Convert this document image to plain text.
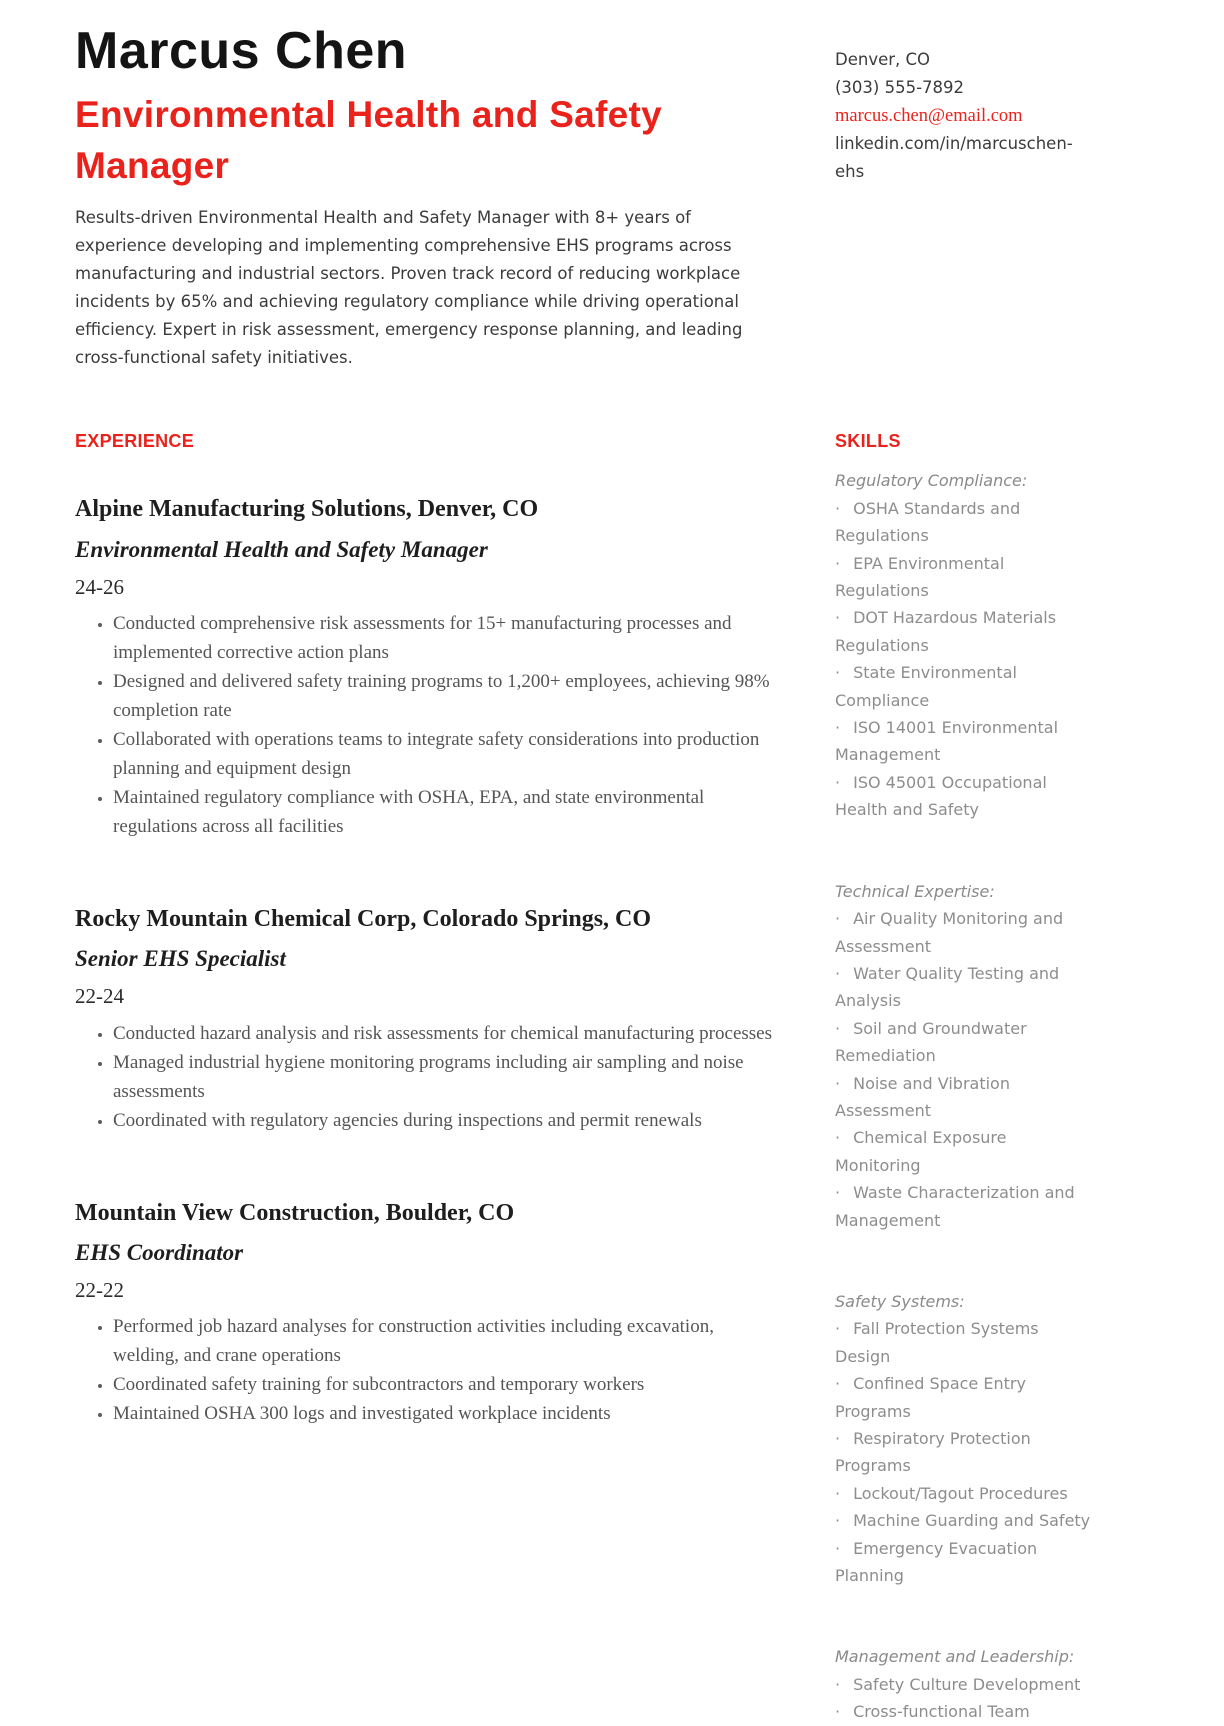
Marcus Chen
Environmental Health and Safety Manager

Results-driven Environmental Health and Safety Manager with 8+ years of experience developing and implementing comprehensive EHS programs across manufacturing and industrial sectors. Proven track record of reducing workplace incidents by 65% and achieving regulatory compliance while driving operational efficiency. Expert in risk assessment, emergency response planning, and leading cross-functional safety initiatives.

Denver, CO
(303) 555-7892
marcus.chen@email.com
linkedin.com/in/marcuschen-ehs
EXPERIENCE
Alpine Manufacturing Solutions, Denver, CO
Environmental Health and Safety Manager
24-26
• Conducted comprehensive risk assessments for 15+ manufacturing processes and implemented corrective action plans
• Designed and delivered safety training programs to 1,200+ employees, achieving 98% completion rate
• Collaborated with operations teams to integrate safety considerations into production planning and equipment design
• Maintained regulatory compliance with OSHA, EPA, and state environmental regulations across all facilities
Rocky Mountain Chemical Corp, Colorado Springs, CO
Senior EHS Specialist
22-24
• Conducted hazard analysis and risk assessments for chemical manufacturing processes
• Managed industrial hygiene monitoring programs including air sampling and noise assessments
• Coordinated with regulatory agencies during inspections and permit renewals
Mountain View Construction, Boulder, CO
EHS Coordinator
22-22
• Performed job hazard analyses for construction activities including excavation, welding, and crane operations
• Coordinated safety training for subcontractors and temporary workers
• Maintained OSHA 300 logs and investigated workplace incidents
SKILLS
Regulatory Compliance:
· OSHA Standards and Regulations
· EPA Environmental Regulations
· DOT Hazardous Materials Regulations
· State Environmental Compliance
· ISO 14001 Environmental Management
· ISO 45001 Occupational Health and Safety
Technical Expertise:
· Air Quality Monitoring and Assessment
· Water Quality Testing and Analysis
· Soil and Groundwater Remediation
· Noise and Vibration Assessment
· Chemical Exposure Monitoring
· Waste Characterization and Management
Safety Systems:
· Fall Protection Systems Design
· Confined Space Entry Programs
· Respiratory Protection Programs
· Lockout/Tagout Procedures
· Machine Guarding and Safety
· Emergency Evacuation Planning
Management and Leadership:
· Safety Culture Development
· Cross-functional Team
